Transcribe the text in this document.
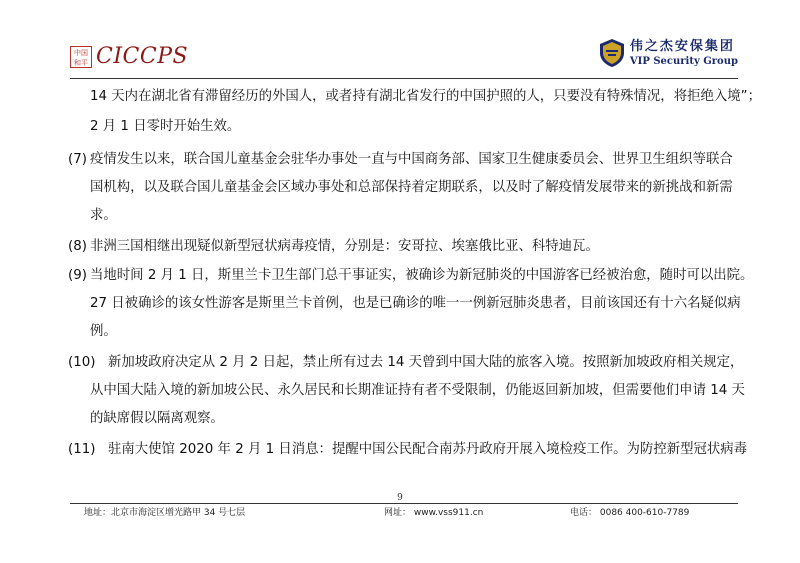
中国
和平 CICCPS	伟之杰安保集团
VIP Security Group
14 天内在湖北省有滞留经历的外国人，或者持有湖北省发行的中国护照的人，只要没有特殊情况，将拒绝入境”；
2 月 1 日零时开始生效。
(7) 疫情发生以来，联合国儿童基金会驻华办事处一直与中国商务部、国家卫生健康委员会、世界卫生组织等联合
国机构，以及联合国儿童基金会区域办事处和总部保持着定期联系，以及时了解疫情发展带来的新挑战和新需
求。
(8) 非洲三国相继出现疑似新型冠状病毒疫情，分别是：安哥拉、埃塞俄比亚、科特迪瓦。
(9) 当地时间 2 月 1 日，斯里兰卡卫生部门总干事证实，被确诊为新冠肺炎的中国游客已经被治愈，随时可以出院。
27 日被确诊的该女性游客是斯里兰卡首例，也是已确诊的唯一一例新冠肺炎患者，目前该国还有十六名疑似病
例。
(10) 新加坡政府决定从 2 月 2 日起，禁止所有过去 14 天曾到中国大陆的旅客入境。按照新加坡政府相关规定，
从中国大陆入境的新加坡公民、永久居民和长期准证持有者不受限制，仍能返回新加坡，但需要他们申请 14 天
的缺席假以隔离观察。
(11) 驻南大使馆 2020 年 2 月 1 日消息：提醒中国公民配合南苏丹政府开展入境检疫工作。为防控新型冠状病毒
9
地址：北京市海淀区增光路甲 34 号七层	网址： www.vss911.cn	电话： 0086 400-610-7789
